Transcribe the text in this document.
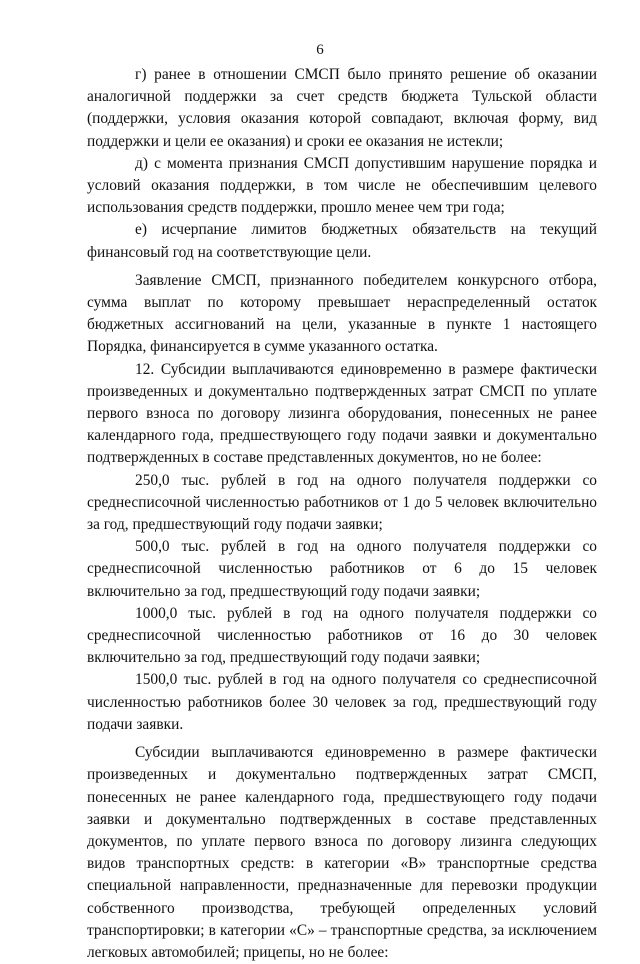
6

г) ранее в отношении СМСП было принято решение об оказании аналогичной поддержки за счет средств бюджета Тульской области (поддержки, условия оказания которой совпадают, включая форму, вид поддержки и цели ее оказания) и сроки ее оказания не истекли;

д) с момента признания СМСП допустившим нарушение порядка и условий оказания поддержки, в том числе не обеспечившим целевого использования средств поддержки, прошло менее чем три года;

е) исчерпание лимитов бюджетных обязательств на текущий финансовый год на соответствующие цели.

Заявление СМСП, признанного победителем конкурсного отбора, сумма выплат по которому превышает нераспределенный остаток бюджетных ассигнований на цели, указанные в пункте 1 настоящего Порядка, финансируется в сумме указанного остатка.

12. Субсидии выплачиваются единовременно в размере фактически произведенных и документально подтвержденных затрат СМСП по уплате первого взноса по договору лизинга оборудования, понесенных не ранее календарного года, предшествующего году подачи заявки и документально подтвержденных в составе представленных документов, но не более:

250,0 тыс. рублей в год на одного получателя поддержки со среднесписочной численностью работников от 1 до 5 человек включительно за год, предшествующий году подачи заявки;

500,0 тыс. рублей в год на одного получателя поддержки со среднесписочной численностью работников от 6 до 15 человек включительно за год, предшествующий году подачи заявки;

1000,0 тыс. рублей в год на одного получателя поддержки со среднесписочной численностью работников от 16 до 30 человек включительно за год, предшествующий году подачи заявки;

1500,0 тыс. рублей в год на одного получателя со среднесписочной численностью работников более 30 человек за год, предшествующий году подачи заявки.

Субсидии выплачиваются единовременно в размере фактически произведенных и документально подтвержденных затрат СМСП, понесенных не ранее календарного года, предшествующего году подачи заявки и документально подтвержденных в составе представленных документов, по уплате первого взноса по договору лизинга следующих видов транспортных средств: в категории «В» транспортные средства специальной направленности, предназначенные для перевозки продукции собственного производства, требующей определенных условий транспортировки; в категории «С» – транспортные средства, за исключением легковых автомобилей; прицепы, но не более:
